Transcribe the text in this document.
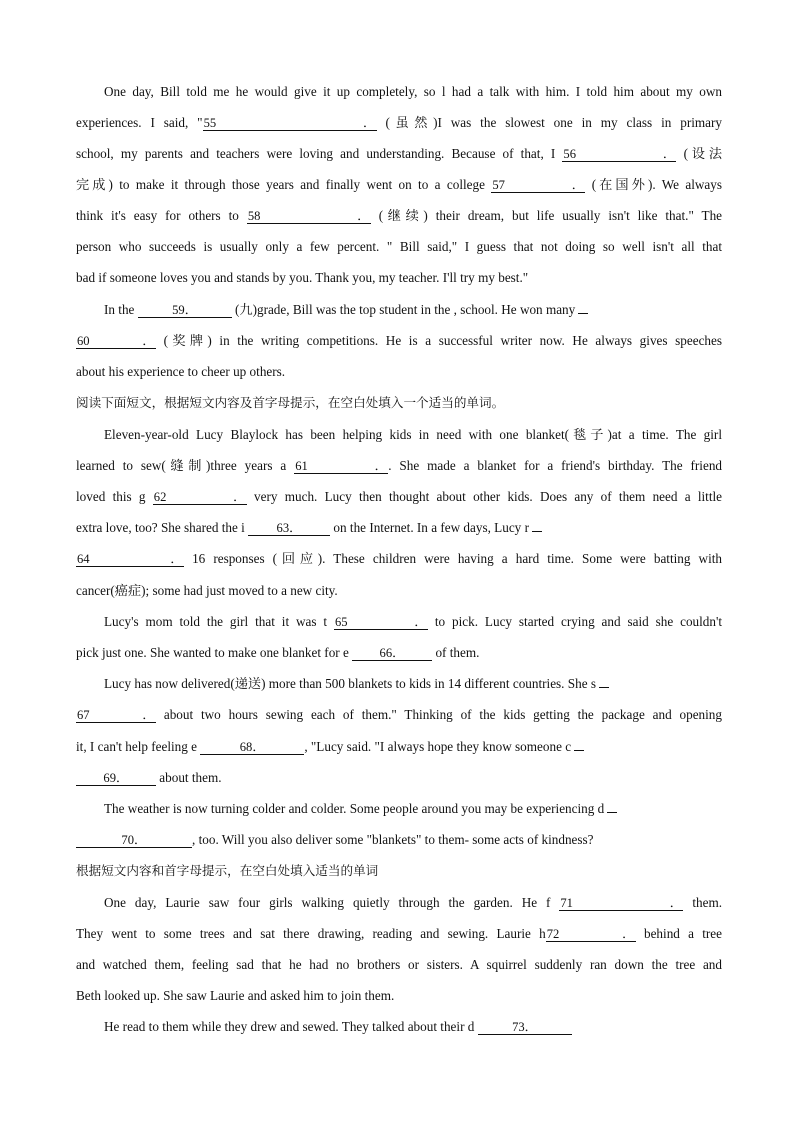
One day, Bill told me he would give it up completely, so l had a talk with him. I told him about my own
experiences. I said, "55． (虽然)I was the slowest one in my class in primary
school, my parents and teachers were loving and understanding. Because of that, I 56． (设法
完成) to make it through those years and finally went on to a college 57． (在国外). We always
think it's easy for others to 58． (继续) their dream, but life usually isn't like that." The
person who succeeds is usually only a few percent. " Bill said," I guess that not doing so well isn't all that
bad if someone loves you and stands by you. Thank you, my teacher. I'll try my best."
In the	59．	(九)grade, Bill was the top student in the , school. He won many
60． (奖牌) in the writing competitions. He is a successful writer now. He always gives speeches
about his experience to cheer up others.
阅读下面短文，根据短文内容及首字母提示，在空白处填入一个适当的单词。
Eleven-year-old Lucy Blaylock has been helping kids in need with one blanket(毯子)at a time. The girl
learned to sew(缝制)three years a 61．. She made a blanket for a friend's birthday. The friend
loved this g 62． very much. Lucy then thought about other kids. Does any of them need a little
extra love, too? She shared the i	63． on the Internet. In a few days, Lucy r
64． 16 responses (回应). These children were having a hard time. Some were batting with
cancer(癌症); some had just moved to a new city.
Lucy's mom told the girl that it was t 65． to pick. Lucy started crying and said she couldn't
pick just one. She wanted to make one blanket for e 66． of them.
Lucy has now delivered(递送) more than 500 blankets to kids in 14 different countries. She s
67． about two hours sewing each of them." Thinking of the kids getting the package and opening
it, I can't help feeling e	68．	, "Lucy said. "I always hope they know someone c
69． about them.
The weather is now turning colder and colder. Some people around you may be experiencing d
70．	, too. Will you also deliver some "blankets" to them- some acts of kindness?
根据短文内容和首字母提示，在空白处填入适当的单词
One day, Laurie saw four girls walking quietly through the garden. He f 71． them.
They went to some trees and sat there drawing, reading and sewing. Laurie h72． behind a tree
and watched them, feeling sad that he had no brothers or sisters. A squirrel suddenly ran down the tree and
Beth looked up. She saw Laurie and asked him to join them.
He read to them while they drew and sewed. They talked about their d	73．
